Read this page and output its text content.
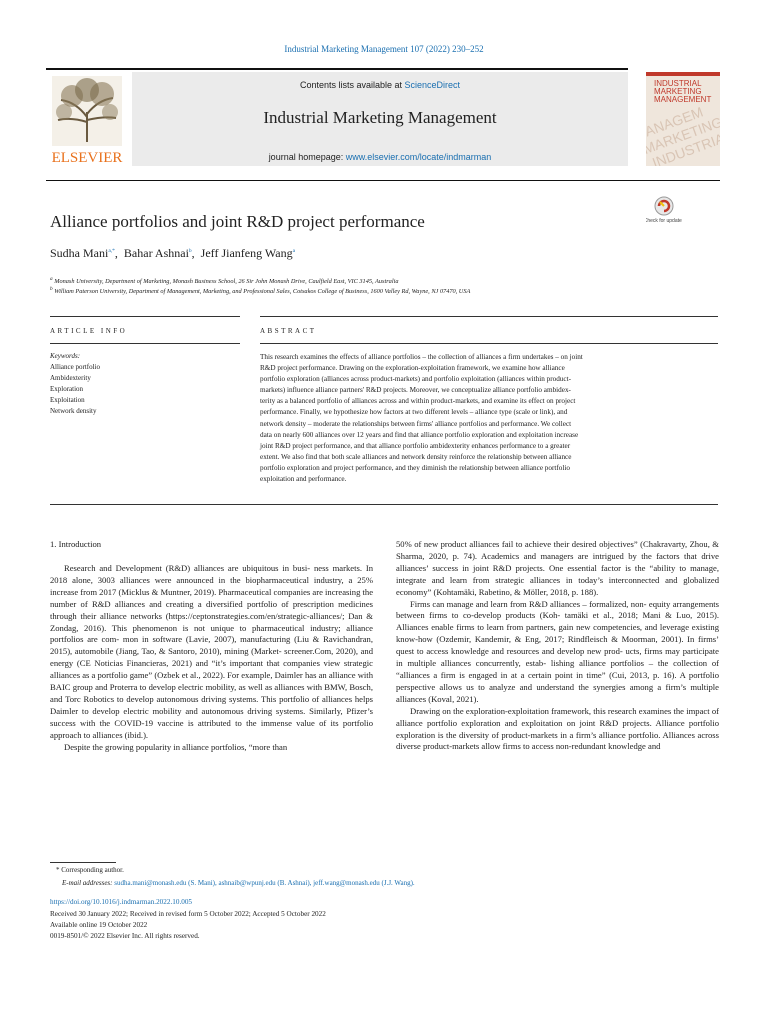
Industrial Marketing Management 107 (2022) 230–252
ELSEVIER
Contents lists available at ScienceDirect
Industrial Marketing Management
journal homepage: www.elsevier.com/locate/indmarman
INDUSTRIAL
MARKETING
MANAGEMENT
MANAGEM
MARKETING
INDUSTRIAL
Alliance portfolios and joint R&D project performance	heck for update
Sudha Mani$^{a,*}$,  Bahar Ashnai$^b$,  Jeff Jianfeng Wang$^a$
$^a$ Monash University, Department of Marketing, Monash Business School, 26 Sir John Monash Drive, Caulfield East, VIC 3145, Australia
$^b$ William Paterson University, Department of Management, Marketing, and Professional Sales, Cotsakos College of Business, 1600 Valley Rd, Wayne, NJ 07470, USA
ARTICLE INFO	ABSTRACT
Keywords:
Alliance portfolio
Ambidexterity
Exploration
Exploitation
Network density
This research examines the effects of alliance portfolios – the collection of alliances a firm undertakes – on joint
R&D project performance. Drawing on the exploration-exploitation framework, we examine how alliance
portfolio exploration (alliances across product-markets) and portfolio exploitation (alliances within product-
markets) influence alliance partners' R&D projects. Moreover, we conceptualize alliance portfolio ambidex-
terity as a balanced portfolio of alliances across and within product-markets, and examine its effect on project
performance. Finally, we hypothesize how factors at two different levels – alliance type (scale or link), and
network density – moderate the relationships between firms' alliance portfolios and performance. We collect
data on nearly 600 alliances over 12 years and find that alliance portfolio exploration and exploitation increase
joint R&D project performance, and that alliance portfolio ambidexterity enhances performance to a greater
extent. We also find that both scale alliances and network density reinforce the relationship between alliance
portfolio exploration and project performance, and they diminish the relationship between alliance portfolio
exploitation and performance.
1. Introduction

Research and Development (R&D) alliances are ubiquitous in busi- ness markets. In 2018 alone, 3003 alliances were announced in the biopharmaceutical industry, a 25% increase from 2017 (Micklus & Muntner, 2019). Pharmaceutical companies are increasing the number of R&D alliances and creating a diversified portfolio of prescription medicines through their alliance networks (https://ceptonstrategies.com/en/strategic-alliances/; Dan & Zondag, 2016). This phenomenon is not unique to pharmaceutical industry; alliance portfolios are com- mon in software (Lavie, 2007), manufacturing (Liu & Ravichandran, 2015), automobile (Jiang, Tao, & Santoro, 2010), mining (Market- screener.Com, 2020), and energy (CE Noticias Financieras, 2021) and “it’s important that companies view strategic alliances as a portfolio game” (Ozbek et al., 2022). For example, Daimler has an alliance with BAIC group and Proterra to develop electric mobility, as well as alliances with BMW, Bosch, and Torc Robotics to develop autonomous driving systems. This portfolio of alliances helps Daimler to develop electric mobility and autonomous driving systems. Similarly, Pfizer’s success with the COVID-19 vaccine is attributed to the immense value of its portfolio approach to alliances (ibid.).

Despite the growing popularity in alliance portfolios, “more than

50% of new product alliances fail to achieve their desired objectives” (Chakravarty, Zhou, & Sharma, 2020, p. 74). Academics and managers are intrigued by the factors that drive alliances’ success in joint R&D projects. One essential factor is the “ability to manage, integrate and learn from strategic alliances in today’s interconnected and globalized economy” (Kohtamäki, Rabetino, & Möller, 2018, p. 188).

Firms can manage and learn from R&D alliances – formalized, non- equity arrangements between firms to co-develop products (Koh- tamäki et al., 2018; Mani & Luo, 2015). Alliances enable firms to learn from partners, gain new competencies, and leverage existing know-how (Ozdemir, Kandemir, & Eng, 2017; Rindfleisch & Moorman, 2001). In firms’ quest to access knowledge and resources and develop new prod- ucts, firms may participate in multiple alliances concurrently, estab- lishing alliance portfolios – the collection of “alliances a firm is engaged in at a certain point in time” (Cui, 2013, p. 16). A portfolio perspective allows us to analyze and understand the synergies among a firm’s multiple alliances (Koval, 2021).

Drawing on the exploration-exploitation framework, this research examines the impact of alliance portfolio exploration and exploitation on joint R&D projects. Alliance portfolio exploration is the diversity of product-markets in a firm’s alliance portfolio. Alliances across diverse product-markets allow firms to access non-redundant knowledge and

* Corresponding author.
E-mail addresses: sudha.mani@monash.edu (S. Mani), ashnaib@wpunj.edu (B. Ashnai), jeff.wang@monash.edu (J.J. Wang).
https://doi.org/10.1016/j.indmarman.2022.10.005
Received 30 January 2022; Received in revised form 5 October 2022; Accepted 5 October 2022
Available online 19 October 2022
0019-8501/© 2022 Elsevier Inc. All rights reserved.
